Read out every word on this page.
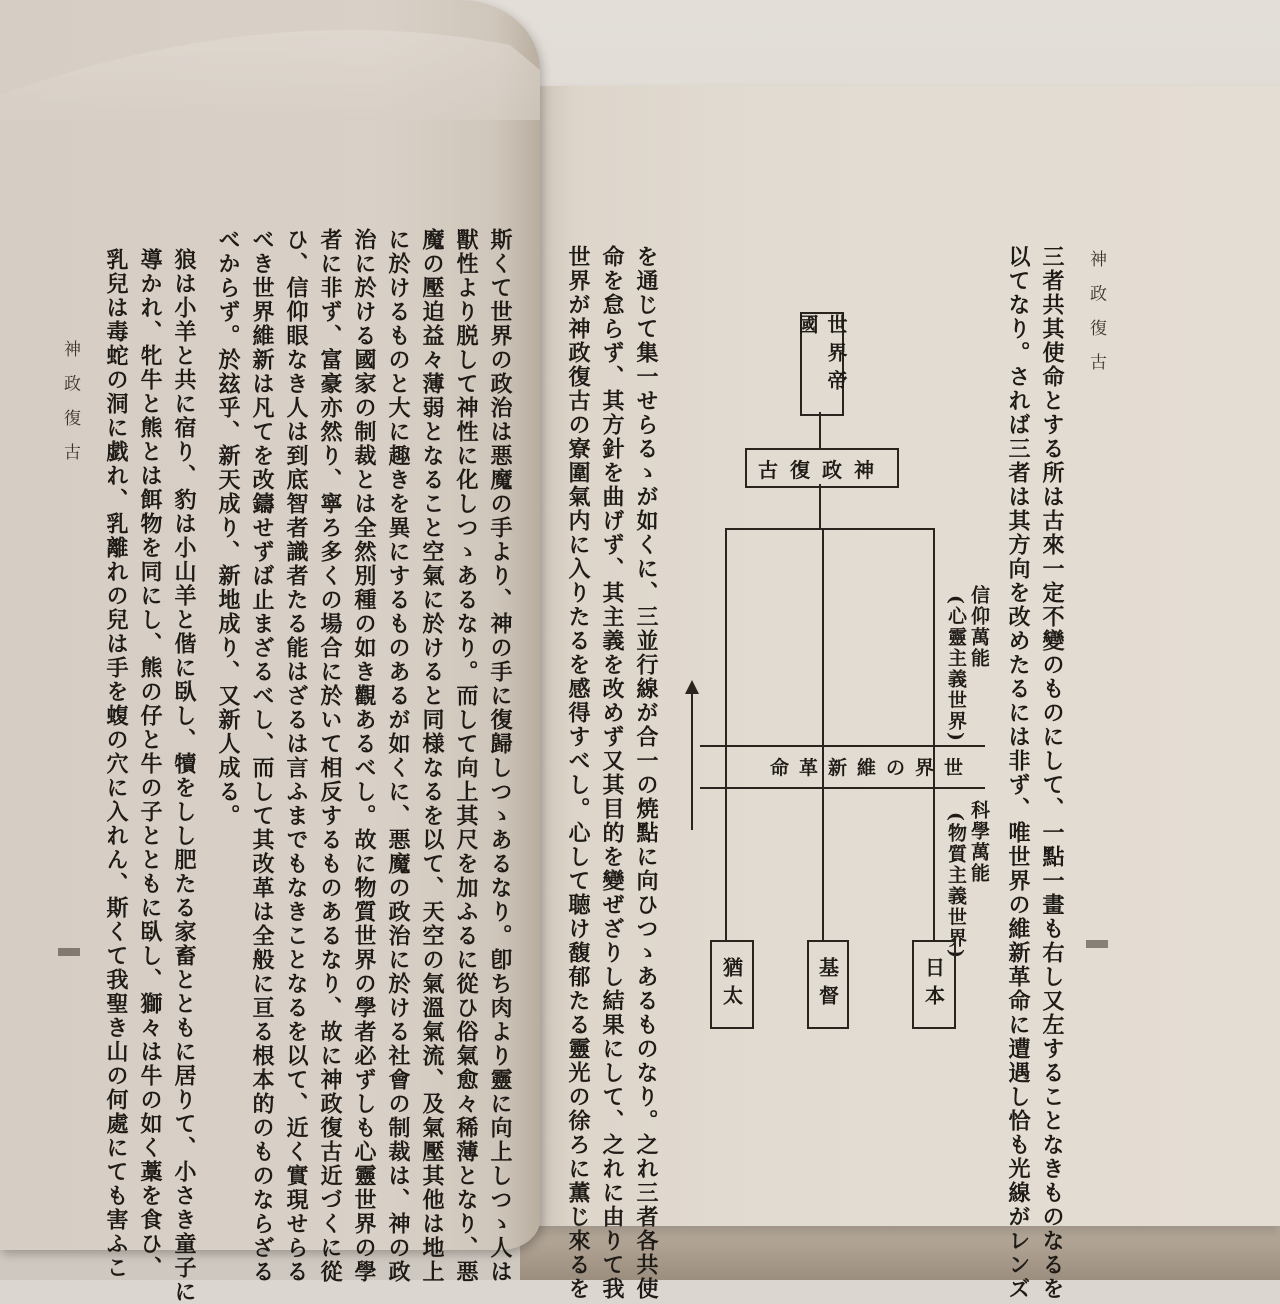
神 政 復 古
三者共其使命とする所は古來一定不變のものにして、一點一畫も右し又左することなきものなるを
以てなり。されば三者は其方向を改めたるには非ず、唯世界の維新革命に遭遇し恰も光線がレンズ
を通じて集一せらるゝが如くに、三並行線が合一の焼點に向ひつゝあるものなり。之れ三者各共使
命を怠らず、其方針を曲げず、其主義を改めず又其目的を變ぜざりし結果にして、之れに由りて我
世界が神政復古の寮圍氣内に入りたるを感得すべし。心して聴け馥郁たる靈光の徐ろに薫じ來るを	世界帝國
神政復古
世界の維新革命
信仰萬能
(心靈主義世界)
科學萬能
(物質主義世界)
日本
基督
猶太
斯くて世界の政治は悪魔の手より、神の手に復歸しつゝあるなり。卽ち肉より靈に向上しつゝ人は
獸性より脱して神性に化しつゝあるなり。而して向上其尺を加ふるに從ひ俗氣愈々稀薄となり、悪
魔の壓迫益々薄弱となること空氣に於けると同様なるを以て、天空の氣溫氣流、及氣壓其他は地上
に於けるものと大に趣きを異にするものあるが如くに、悪魔の政治に於ける社會の制裁は、神の政
治に於ける國家の制裁とは全然別種の如き觀あるべし。故に物質世界の學者必ずしも心靈世界の學
者に非ず、富豪亦然り、寧ろ多くの場合に於いて相反するものあるなり、故に神政復古近づくに從
ひ、信仰眼なき人は到底智者識者たる能はざるは言ふまでもなきことなるを以て、近く實現せらる
べき世界維新は凡てを改鑄せずば止まざるべし、而して其改革は全般に亘る根本的のものならざる
べからず。於玆乎、新天成り、新地成り、又新人成る。
狼は小羊と共に宿り、豹は小山羊と偕に臥し、犢をしし肥たる家畜とともに居りて、小さき童子に
導かれ、牝牛と熊とは餌物を同にし、熊の仔と牛の子とともに臥し、獅々は牛の如く藁を食ひ、
乳兒は毒蛇の洞に戯れ、乳離れの兒は手を蝮の穴に入れん、斯くて我聖き山の何處にても害ふこ
神 政 復 古
